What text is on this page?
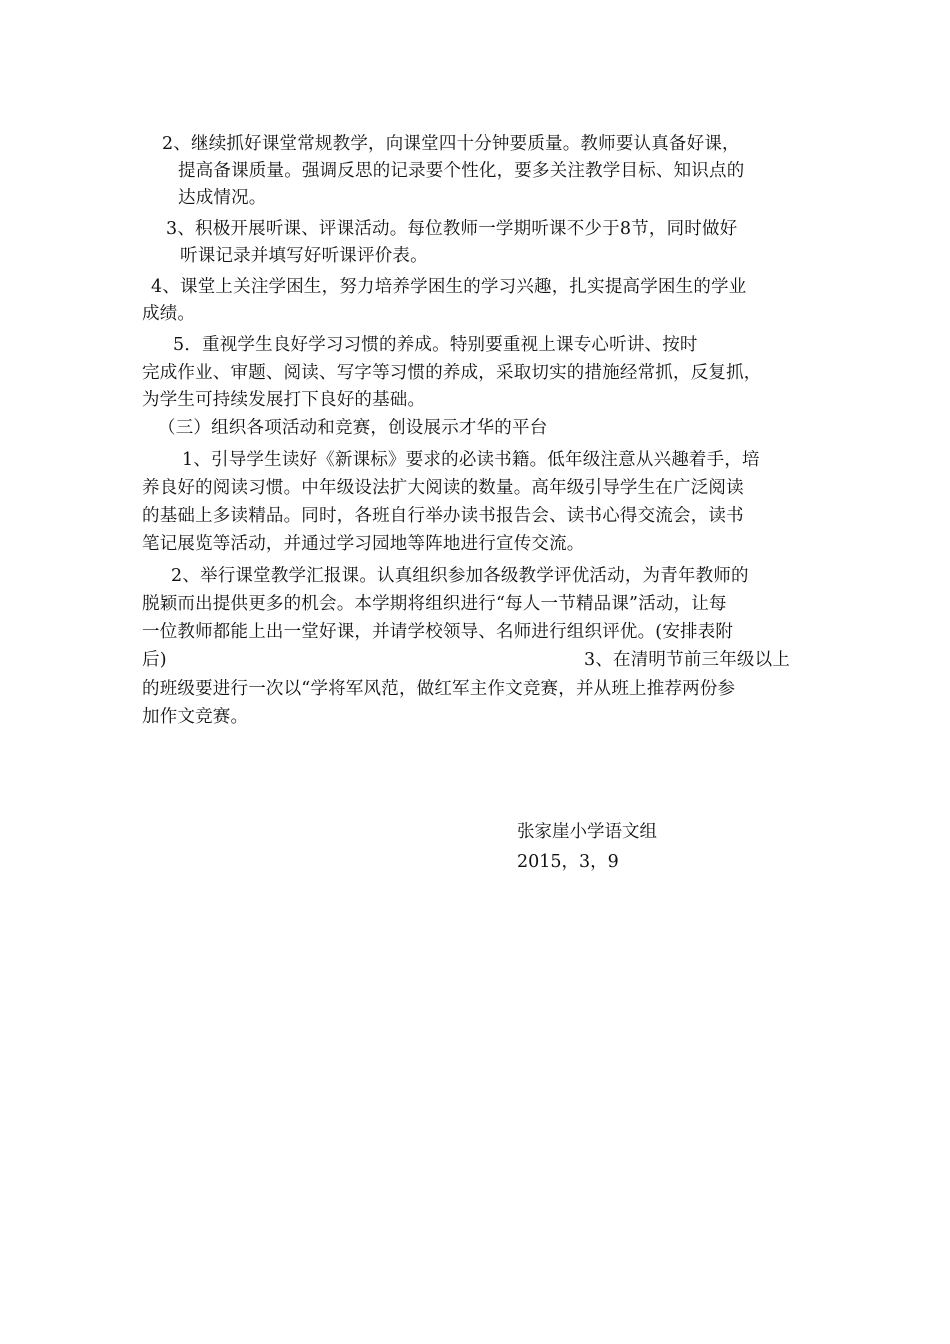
2、继续抓好课堂常规教学，向课堂四十分钟要质量。教师要认真备好课，
提高备课质量。强调反思的记录要个性化，要多关注教学目标、知识点的
达成情况。
3、积极开展听课、评课活动。每位教师一学期听课不少于8节，同时做好
听课记录并填写好听课评价表。
4、课堂上关注学困生，努力培养学困生的学习兴趣，扎实提高学困生的学业
成绩。
5．重视学生良好学习习惯的养成。特别要重视上课专心听讲、按时
完成作业、审题、阅读、写字等习惯的养成，采取切实的措施经常抓，反复抓，
为学生可持续发展打下良好的基础。
（三）组织各项活动和竞赛，创设展示才华的平台
1、引导学生读好《新课标》要求的必读书籍。低年级注意从兴趣着手，培
养良好的阅读习惯。中年级设法扩大阅读的数量。高年级引导学生在广泛阅读
的基础上多读精品。同时，各班自行举办读书报告会、读书心得交流会，读书
笔记展览等活动，并通过学习园地等阵地进行宣传交流。
2、举行课堂教学汇报课。认真组织参加各级教学评优活动，为青年教师的
脱颖而出提供更多的机会。本学期将组织进行“每人一节精品课”活动，让每
一位教师都能上出一堂好课，并请学校领导、名师进行组织评优。(安排表附
后)	3、在清明节前三年级以上
的班级要进行一次以“学将军风范，做红军主作文竞赛，并从班上推荐两份参
加作文竞赛。
张家崖小学语文组
2015，3，9
